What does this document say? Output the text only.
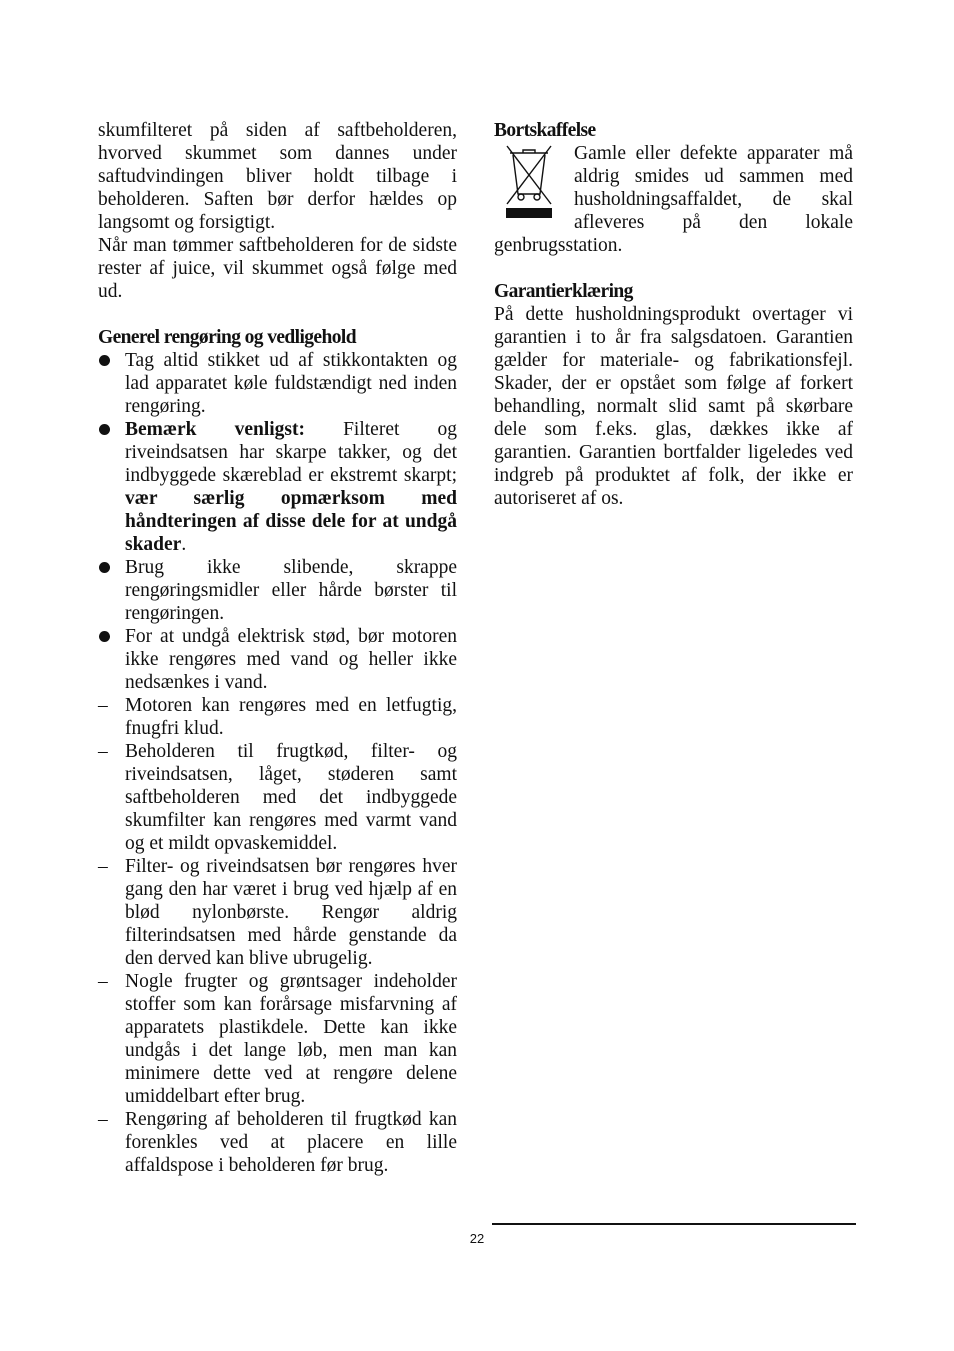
skumfilteret på siden af saftbeholderen, hvorved skummet som dannes under saftudvindingen bliver holdt tilbage i beholderen. Saften bør derfor hældes op langsomt og forsigtigt.

Når man tømmer saftbeholderen for de sidste rester af juice, vil skummet også følge med ud.

Generel rengøring og vedligehold

Tag altid stikket ud af stikkontakten og lad apparatet køle fuldstændigt ned inden rengøring.
Bemærk venligst: Filteret og riveindsatsen har skarpe takker, og det indbyggede skæreblad er ekstremt skarpt; vær særlig opmærksom med håndteringen af disse dele for at undgå skader.
Brug ikke slibende, skrappe rengøringsmidler eller hårde børster til rengøringen.
For at undgå elektrisk stød, bør motoren ikke rengøres med vand og heller ikke nedsænkes i vand.
Motoren kan rengøres med en letfugtig, fnugfri klud.
Beholderen til frugtkød, filter- og riveindsatsen, låget, støderen samt saftbeholderen med det indbyggede skumfilter kan rengøres med varmt vand og et mildt opvaskemiddel.
Filter- og riveindsatsen bør rengøres hver gang den har været i brug ved hjælp af en blød nylonbørste. Rengør aldrig filterindsatsen med hårde genstande da den derved kan blive ubrugelig.
Nogle frugter og grøntsager indeholder stoffer som kan forårsage misfarvning af apparatets plastikdele. Dette kan ikke undgås i det lange løb, men man kan minimere dette ved at rengøre delene umiddelbart efter brug.
Rengøring af beholderen til frugtkød kan forenkles ved at placere en lille affaldspose i beholderen før brug.

Bortskaffelse

Gamle eller defekte apparater må aldrig smides ud sammen med husholdningsaffaldet, de skal afleveres på den lokale genbrugsstation.

Garantierklæring

På dette husholdningsprodukt overtager vi garantien i to år fra salgsdatoen. Garantien gælder for materiale- og fabrikationsfejl. Skader, der er opstået som følge af forkert behandling, normalt slid samt på skørbare dele som f.eks. glas, dækkes ikke af garantien. Garantien bortfalder ligeledes ved indgreb på produktet af folk, der ikke er autoriseret af os.

22
